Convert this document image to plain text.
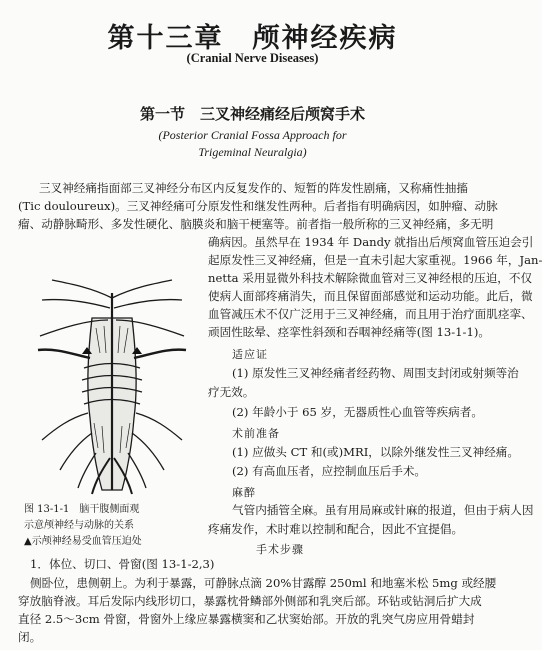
第十三章　颅神经疾病
(Cranial Nerve Diseases)
第一节　三叉神经痛经后颅窝手术
(Posterior Cranial Fossa Approach for
Trigeminal Neuralgia)
三叉神经痛指面部三叉神经分布区内反复发作的、短暂的阵发性剧痛，又称痛性抽搐
(Tic douloureux)。三叉神经痛可分原发性和继发性两种。后者指有明确病因，如肿瘤、动脉
瘤、动静脉畸形、多发性硬化、脑膜炎和脑干梗塞等。前者指一般所称的三叉神经痛，多无明
确病因。虽然早在 1934 年 Dandy 就指出后颅窝血管压迫会引
起原发性三叉神经痛，但是一直未引起大家重视。1966 年，Jan-
netta 采用显微外科技术解除微血管对三叉神经根的压迫，不仅
使病人面部疼痛消失，而且保留面部感觉和运动功能。此后，微
血管减压术不仅广泛用于三叉神经痛，而且用于治疗面肌痉挛、
顽固性眩晕、痉挛性斜颈和吞咽神经痛等(图 13-1-1)。
适应证
(1) 原发性三叉神经痛者经药物、周围支封闭或射频等治
疗无效。
(2) 年龄小于 65 岁，无器质性心血管等疾病者。
术前准备
(1) 应做头 CT 和(或)MRI，以除外继发性三叉神经痛。
(2) 有高血压者，应控制血压后手术。
麻醉
气管内插管全麻。虽有用局麻或针麻的报道，但由于病人因
疼痛发作，术时难以控制和配合，因此不宜提倡。
手术步骤
1．体位、切口、骨窗(图 13-1-2,3)
侧卧位，患侧朝上。为利于暴露，可静脉点滴 20%甘露醇 250ml 和地塞米松 5mg 或经腰
穿放脑脊液。耳后发际内线形切口，暴露枕骨鳞部外侧部和乳突后部。环钻或钻洞后扩大成
直径 2.5～3cm 骨窗，骨窗外上缘应暴露横窦和乙状窦始部。开放的乳突气房应用骨蜡封
闭。
图 13-1-1　脑干腹侧面观
示意颅神经与动脉的关系
▲示颅神经易受血管压迫处
